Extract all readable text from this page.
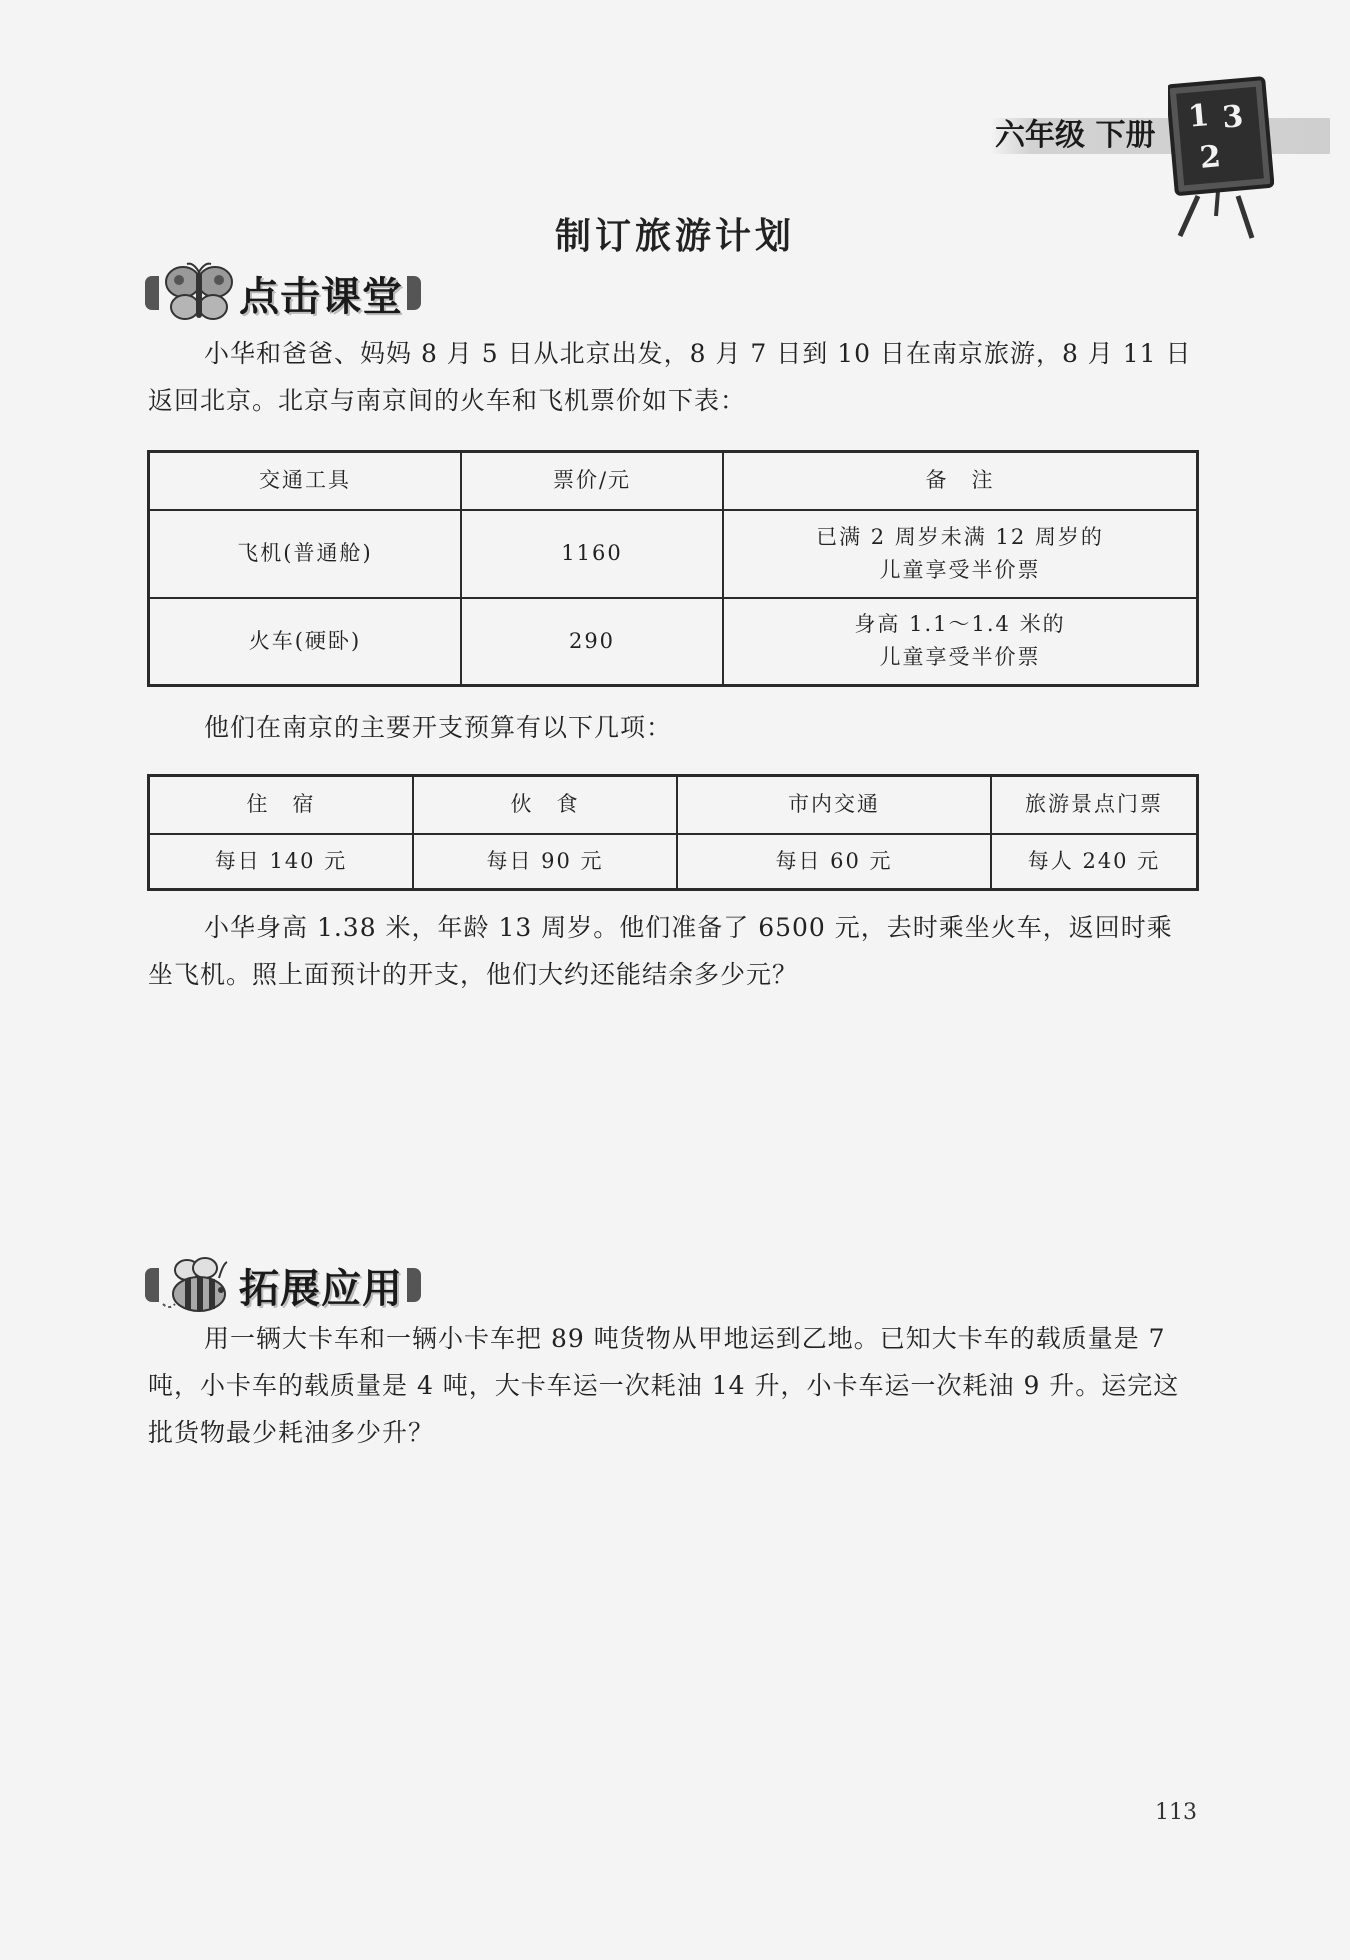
六年级 下册
1 3
2
制订旅游计划
点击课堂

小华和爸爸、妈妈 8 月 5 日从北京出发，8 月 7 日到 10 日在南京旅游，8 月 11 日返回北京。北京与南京间的火车和飞机票价如下表：

交通工具	票价/元	备　注
飞机(普通舱)	1160	已满 2 周岁未满 12 周岁的
儿童享受半价票

火车(硬卧)	290	身高 1.1～1.4 米的
儿童享受半价票

他们在南京的主要开支预算有以下几项：

住　宿	伙　食	市内交通	旅游景点门票
每日 140 元	每日 90 元	每日 60 元	每人 240 元

小华身高 1.38 米，年龄 13 周岁。他们准备了 6500 元，去时乘坐火车，返回时乘坐飞机。照上面预计的开支，他们大约还能结余多少元？

拓展应用

用一辆大卡车和一辆小卡车把 89 吨货物从甲地运到乙地。已知大卡车的载质量是 7 吨，小卡车的载质量是 4 吨，大卡车运一次耗油 14 升，小卡车运一次耗油 9 升。运完这批货物最少耗油多少升？

113
